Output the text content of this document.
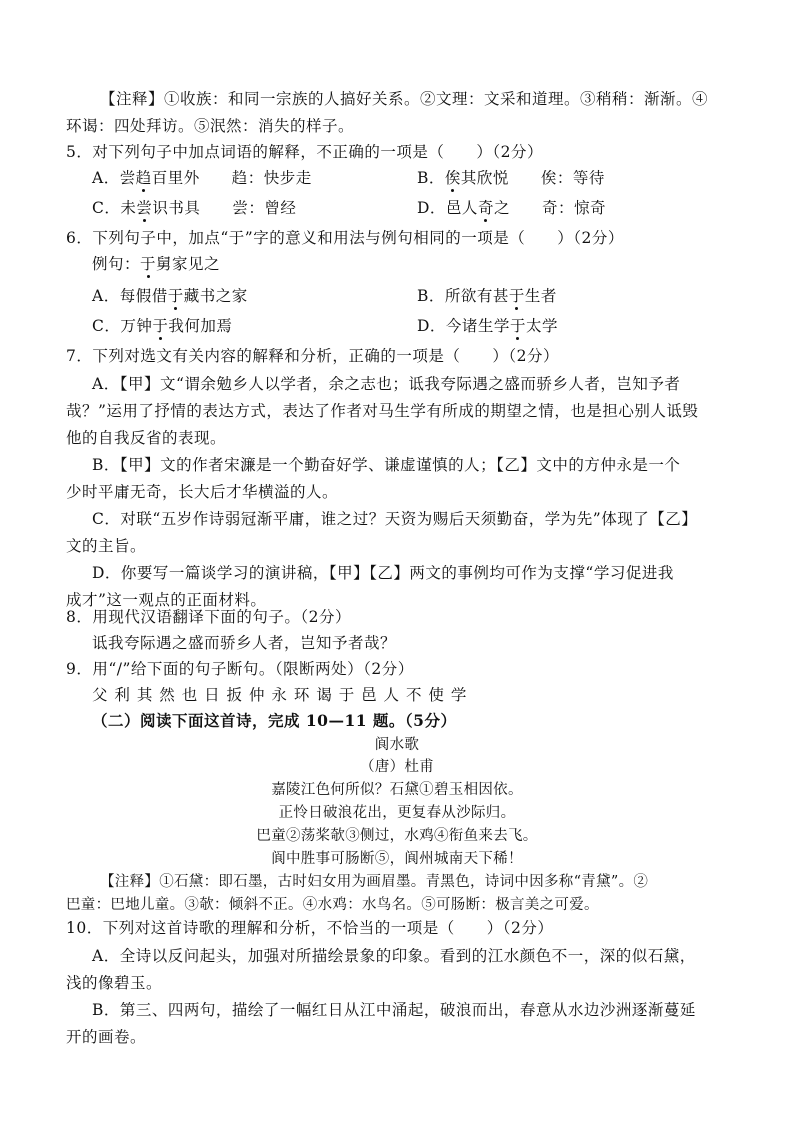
【注释】①收族：和同一宗族的人搞好关系。②文理：文采和道理。③稍稍：渐渐。④
环谒：四处拜访。⑤泯然：消失的样子。
5．对下列句子中加点词语的解释，不正确的一项是（　　）（2分）
A．尝趋百里外　　趋：快步走	B．俟其欣悦　　俟：等待
C．未尝识书具　　尝：曾经	D．邑人奇之　　奇：惊奇
6．下列句子中，加点“于”字的意义和用法与例句相同的一项是（　　）（2分）
例句：于舅家见之
A．每假借于藏书之家	B．所欲有甚于生者
C．万钟于我何加焉	D．今诸生学于太学
7．下列对选文有关内容的解释和分析，正确的一项是（　　）（2分）
A．【甲】文“谓余勉乡人以学者，余之志也；诋我夸际遇之盛而骄乡人者，岂知予者
哉？”运用了抒情的表达方式，表达了作者对马生学有所成的期望之情，也是担心别人诋毁
他的自我反省的表现。
B．【甲】文的作者宋濂是一个勤奋好学、谦虚谨慎的人；【乙】文中的方仲永是一个
少时平庸无奇，长大后才华横溢的人。
C．对联“五岁作诗弱冠渐平庸，谁之过？天资为赐后天须勤奋，学为先”体现了【乙】
文的主旨。
D．你要写一篇谈学习的演讲稿，【甲】【乙】两文的事例均可作为支撑“学习促进我
成才”这一观点的正面材料。
8．用现代汉语翻译下面的句子。（2分）
诋我夸际遇之盛而骄乡人者，岂知予者哉？
9．用“/”给下面的句子断句。（限断两处）（2分）
父 利 其 然 也 日 扳 仲 永 环 谒 于 邑 人 不 使 学
（二）阅读下面这首诗，完成 10—11 题。（5分）
阆水歌
（唐）杜甫
嘉陵江色何所似？石黛①碧玉相因依。
正怜日破浪花出，更复春从沙际归。
巴童②荡桨欹③侧过，水鸡④衔鱼来去飞。
阆中胜事可肠断⑤，阆州城南天下稀！
【注释】①石黛：即石墨，古时妇女用为画眉墨。青黑色，诗词中因多称“青黛”。②
巴童：巴地儿童。③欹：倾斜不正。④水鸡：水鸟名。⑤可肠断：极言美之可爱。
10．下列对这首诗歌的理解和分析，不恰当的一项是（　　）（2分）
A．全诗以反问起头，加强对所描绘景象的印象。看到的江水颜色不一，深的似石黛，
浅的像碧玉。
B．第三、四两句，描绘了一幅红日从江中涌起，破浪而出，春意从水边沙洲逐渐蔓延
开的画卷。
